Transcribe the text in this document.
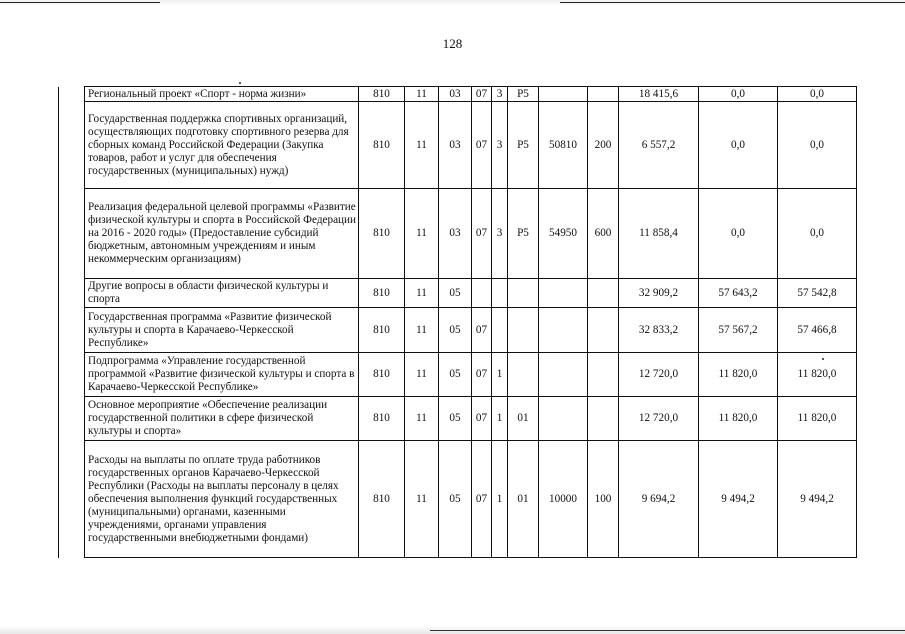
128
	Региональный проект «Спорт - норма жизни»	810	11	03	07	3	P5			18 415,6	0,0	0,0
	Государственная поддержка спортивных организаций, осуществляющих подготовку спортивного резерва для сборных команд Российской Федерации (Закупка товаров, работ и услуг для обеспечения государственных (муниципальных) нужд)	810	11	03	07	3	P5	50810	200	6 557,2	0,0	0,0
	Реализация федеральной целевой программы «Развитие физической культуры и спорта в Российской Федерации на 2016 - 2020 годы» (Предоставление субсидий бюджетным, автономным учреждениям и иным некоммерческим организациям)	810	11	03	07	3	P5	54950	600	11 858,4	0,0	0,0
	Другие вопросы в области физической культуры и спорта	810	11	05						32 909,2	57 643,2	57 542,8
	Государственная программа «Развитие физической культуры и спорта в Карачаево-Черкесской Республике»	810	11	05	07					32 833,2	57 567,2	57 466,8
	Подпрограмма «Управление государственной программой «Развитие физической культуры и спорта в Карачаево-Черкесской Республике»	810	11	05	07	1				12 720,0	11 820,0	11 820,0
	Основное мероприятие «Обеспечение реализации государственной политики в сфере физической культуры и спорта»	810	11	05	07	1	01			12 720,0	11 820,0	11 820,0
	Расходы на выплаты по оплате труда работников государственных органов Карачаево-Черкесской Республики (Расходы на выплаты персоналу в целях обеспечения выполнения функций государственных (муниципальными) органами, казенными учреждениями, органами управления государственными внебюджетными фондами)	810	11	05	07	1	01	10000	100	9 694,2	9 494,2	9 494,2
